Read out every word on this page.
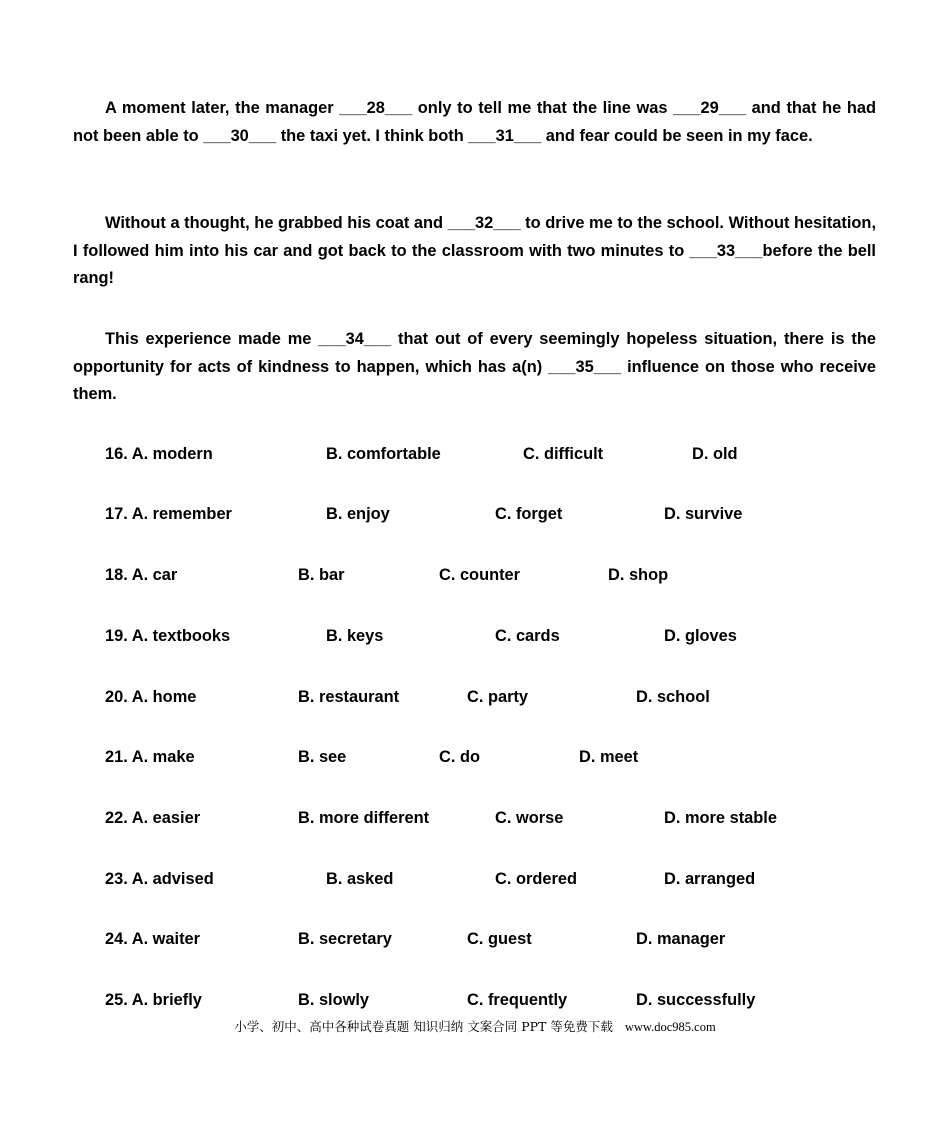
A moment later, the manager ___28___ only to tell me that the line was ___29___ and that he had not been able to ___30___ the taxi yet. I think both ___31___ and fear could be seen in my face.

Without a thought, he grabbed his coat and ___32___ to drive me to the school. Without hesitation, I followed him into his car and got back to the classroom with two minutes to ___33___before the bell rang!

This experience made me ___34___ that out of every seemingly hopeless situation, there is the opportunity for acts of kindness to happen, which has a(n) ___35___ influence on those who receive them.

16. A. modern	B. comfortable	C. difficult	D. old
17. A. remember	B. enjoy	C. forget	D. survive
18. A. car	B. bar	C. counter	D. shop
19. A. textbooks	B. keys	C. cards	D. gloves
20. A. home	B. restaurant	C. party	D. school
21. A. make	B. see	C. do	D. meet
22. A. easier	B. more different	C. worse	D. more stable
23. A. advised	B. asked	C. ordered	D. arranged
24. A. waiter	B. secretary	C. guest	D. manager
25. A. briefly	B. slowly	C. frequently	D. successfully
小学、初中、高中各种试卷真题 知识归纳 文案合同 PPT 等免费下载 www.doc985.com
